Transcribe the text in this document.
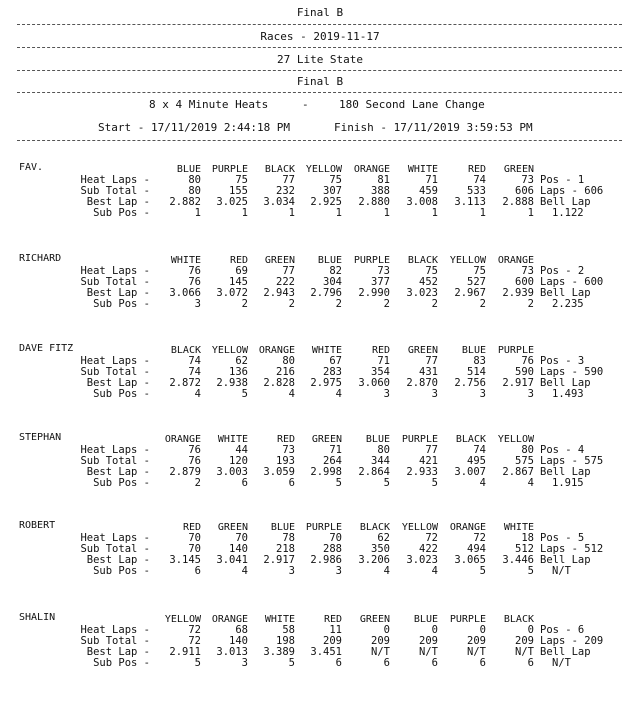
Final B
Races - 2019-11-17
27 Lite State
Final B
8 x 4 Minute Heats	-	180 Second Lane Change
Start - 17/11/2019 2:44:18 PM	Finish - 17/11/2019 3:59:53 PM
FAV.	BLUE	PURPLE	BLACK	YELLOW	ORANGE	WHITE	RED	GREEN
Heat Laps -	80	75	77	75	81	71	74	73 Pos - 1
Sub Total -	80	155	232	307	388	459	533	606 Laps - 606
Best Lap -	2.882	3.025	3.034	2.925	2.880	3.008	3.113	2.888 Bell Lap
Sub Pos -	1	1	1	1	1	1	1	1 1.122
RICHARD	WHITE	RED	GREEN	BLUE	PURPLE	BLACK	YELLOW	ORANGE
Heat Laps -	76	69	77	82	73	75	75	73 Pos - 2
Sub Total -	76	145	222	304	377	452	527	600 Laps - 600
Best Lap -	3.066	3.072	2.943	2.796	2.990	3.023	2.967	2.939 Bell Lap
Sub Pos -	3	2	2	2	2	2	2	2 2.235
DAVE FITZ	BLACK	YELLOW	ORANGE	WHITE	RED	GREEN	BLUE	PURPLE
Heat Laps -	74	62	80	67	71	77	83	76 Pos - 3
Sub Total -	74	136	216	283	354	431	514	590 Laps - 590
Best Lap -	2.872	2.938	2.828	2.975	3.060	2.870	2.756	2.917 Bell Lap
Sub Pos -	4	5	4	4	3	3	3	3 1.493
STEPHAN	ORANGE	WHITE	RED	GREEN	BLUE	PURPLE	BLACK	YELLOW
Heat Laps -	76	44	73	71	80	77	74	80 Pos - 4
Sub Total -	76	120	193	264	344	421	495	575 Laps - 575
Best Lap -	2.879	3.003	3.059	2.998	2.864	2.933	3.007	2.867 Bell Lap
Sub Pos -	2	6	6	5	5	5	4	4 1.915
ROBERT	RED	GREEN	BLUE	PURPLE	BLACK	YELLOW	ORANGE	WHITE
Heat Laps -	70	70	78	70	62	72	72	18 Pos - 5
Sub Total -	70	140	218	288	350	422	494	512 Laps - 512
Best Lap -	3.145	3.041	2.917	2.986	3.206	3.023	3.065	3.446 Bell Lap
Sub Pos -	6	4	3	3	4	4	5	5 N/T
SHALIN	YELLOW	ORANGE	WHITE	RED	GREEN	BLUE	PURPLE	BLACK
Heat Laps -	72	68	58	11	0	0	0	0 Pos - 6
Sub Total -	72	140	198	209	209	209	209	209 Laps - 209
Best Lap -	2.911	3.013	3.389	3.451	N/T	N/T	N/T	N/T Bell Lap
Sub Pos -	5	3	5	6	6	6	6	6 N/T
